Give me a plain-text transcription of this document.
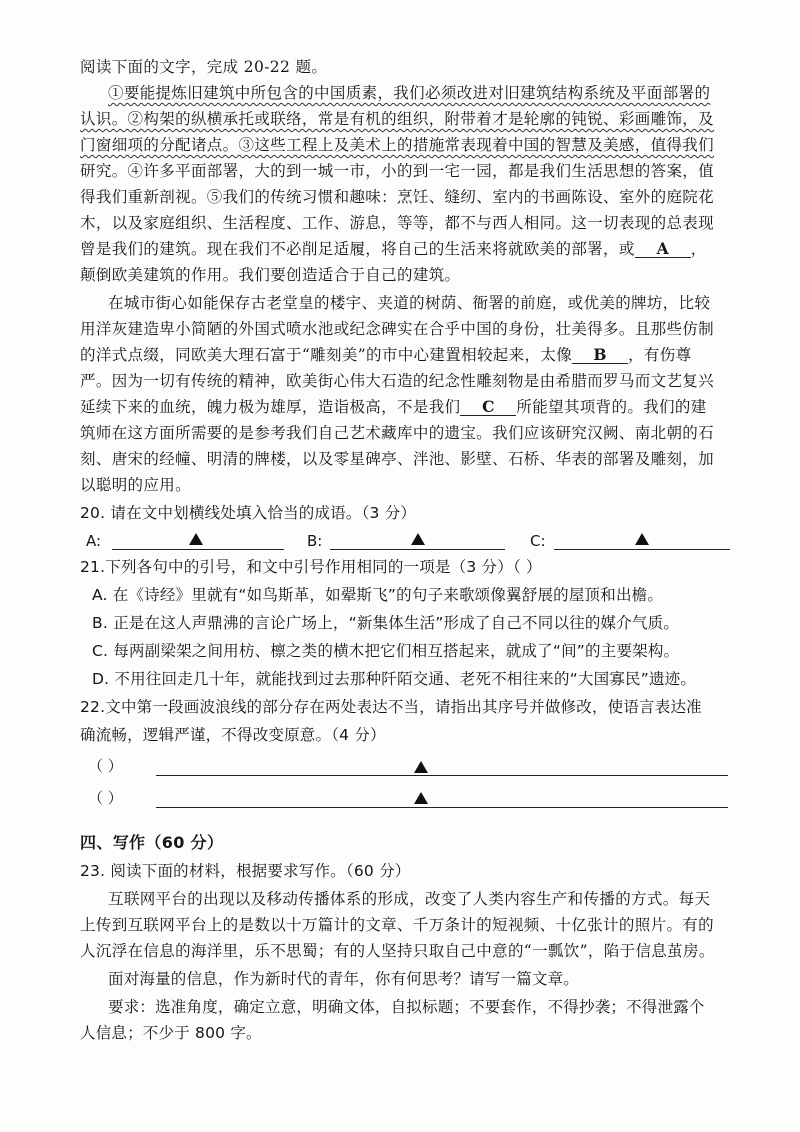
阅读下面的文字，完成 20-22 题。
①要能提炼旧建筑中所包含的中国质素，我们必须改进对旧建筑结构系统及平面部署的
认识。②构架的纵横承托或联络，常是有机的组织，附带着才是轮廓的钝锐、彩画雕饰，及
门窗细项的分配诸点。③这些工程上及美术上的措施常表现着中国的智慧及美感，值得我们
研究。④许多平面部署，大的到一城一市，小的到一宅一园，都是我们生活思想的答案，值
得我们重新剖视。⑤我们的传统习惯和趣味：烹饪、缝纫、室内的书画陈设、室外的庭院花
木，以及家庭组织、生活程度、工作、游息，等等，都不与西人相同。这一切表现的总表现
曾是我们的建筑。现在我们不必削足适履，将自己的生活来将就欧美的部署，或 A ，
颠倒欧美建筑的作用。我们要创造适合于自己的建筑。
在城市街心如能保存古老堂皇的楼宇、夹道的树荫、衙署的前庭，或优美的牌坊，比较
用洋灰建造卑小简陋的外国式喷水池或纪念碑实在合乎中国的身份，壮美得多。且那些仿制
的洋式点缀，同欧美大理石富于“雕刻美”的市中心建置相较起来，太像 B ，有伤尊
严。因为一切有传统的精神，欧美街心伟大石造的纪念性雕刻物是由希腊而罗马而文艺复兴
延续下来的血统，魄力极为雄厚，造诣极高，不是我们 C 所能望其项背的。我们的建
筑师在这方面所需要的是参考我们自己艺术藏库中的遗宝。我们应该研究汉阙、南北朝的石
刻、唐宋的经幢、明清的牌楼，以及零星碑亭、泮池、影壁、石桥、华表的部署及雕刻，加
以聪明的应用。
20. 请在文中划横线处填入恰当的成语。（3 分）
A:	B:	C:
21.下列各句中的引号，和文中引号作用相同的一项是（3 分）（ ）
A. 在《诗经》里就有“如鸟斯革，如翚斯飞”的句子来歌颂像翼舒展的屋顶和出檐。
B. 正是在这人声鼎沸的言论广场上，“新集体生活”形成了自己不同以往的媒介气质。
C. 每两副梁架之间用枋、檩之类的横木把它们相互搭起来，就成了“间”的主要架构。
D. 不用往回走几十年，就能找到过去那种阡陌交通、老死不相往来的“大国寡民”遗迹。
22.文中第一段画波浪线的部分存在两处表达不当，请指出其序号并做修改，使语言表达准
确流畅，逻辑严谨，不得改变原意。（4 分）
（ ）
（ ）
四、写作（60 分）
23. 阅读下面的材料，根据要求写作。（60 分）
互联网平台的出现以及移动传播体系的形成，改变了人类内容生产和传播的方式。每天
上传到互联网平台上的是数以十万篇计的文章、千万条计的短视频、十亿张计的照片。有的
人沉浮在信息的海洋里，乐不思蜀；有的人坚持只取自己中意的“一瓢饮”，陷于信息茧房。
面对海量的信息，作为新时代的青年，你有何思考？请写一篇文章。
要求：选准角度，确定立意，明确文体，自拟标题；不要套作，不得抄袭；不得泄露个
人信息；不少于 800 字。
